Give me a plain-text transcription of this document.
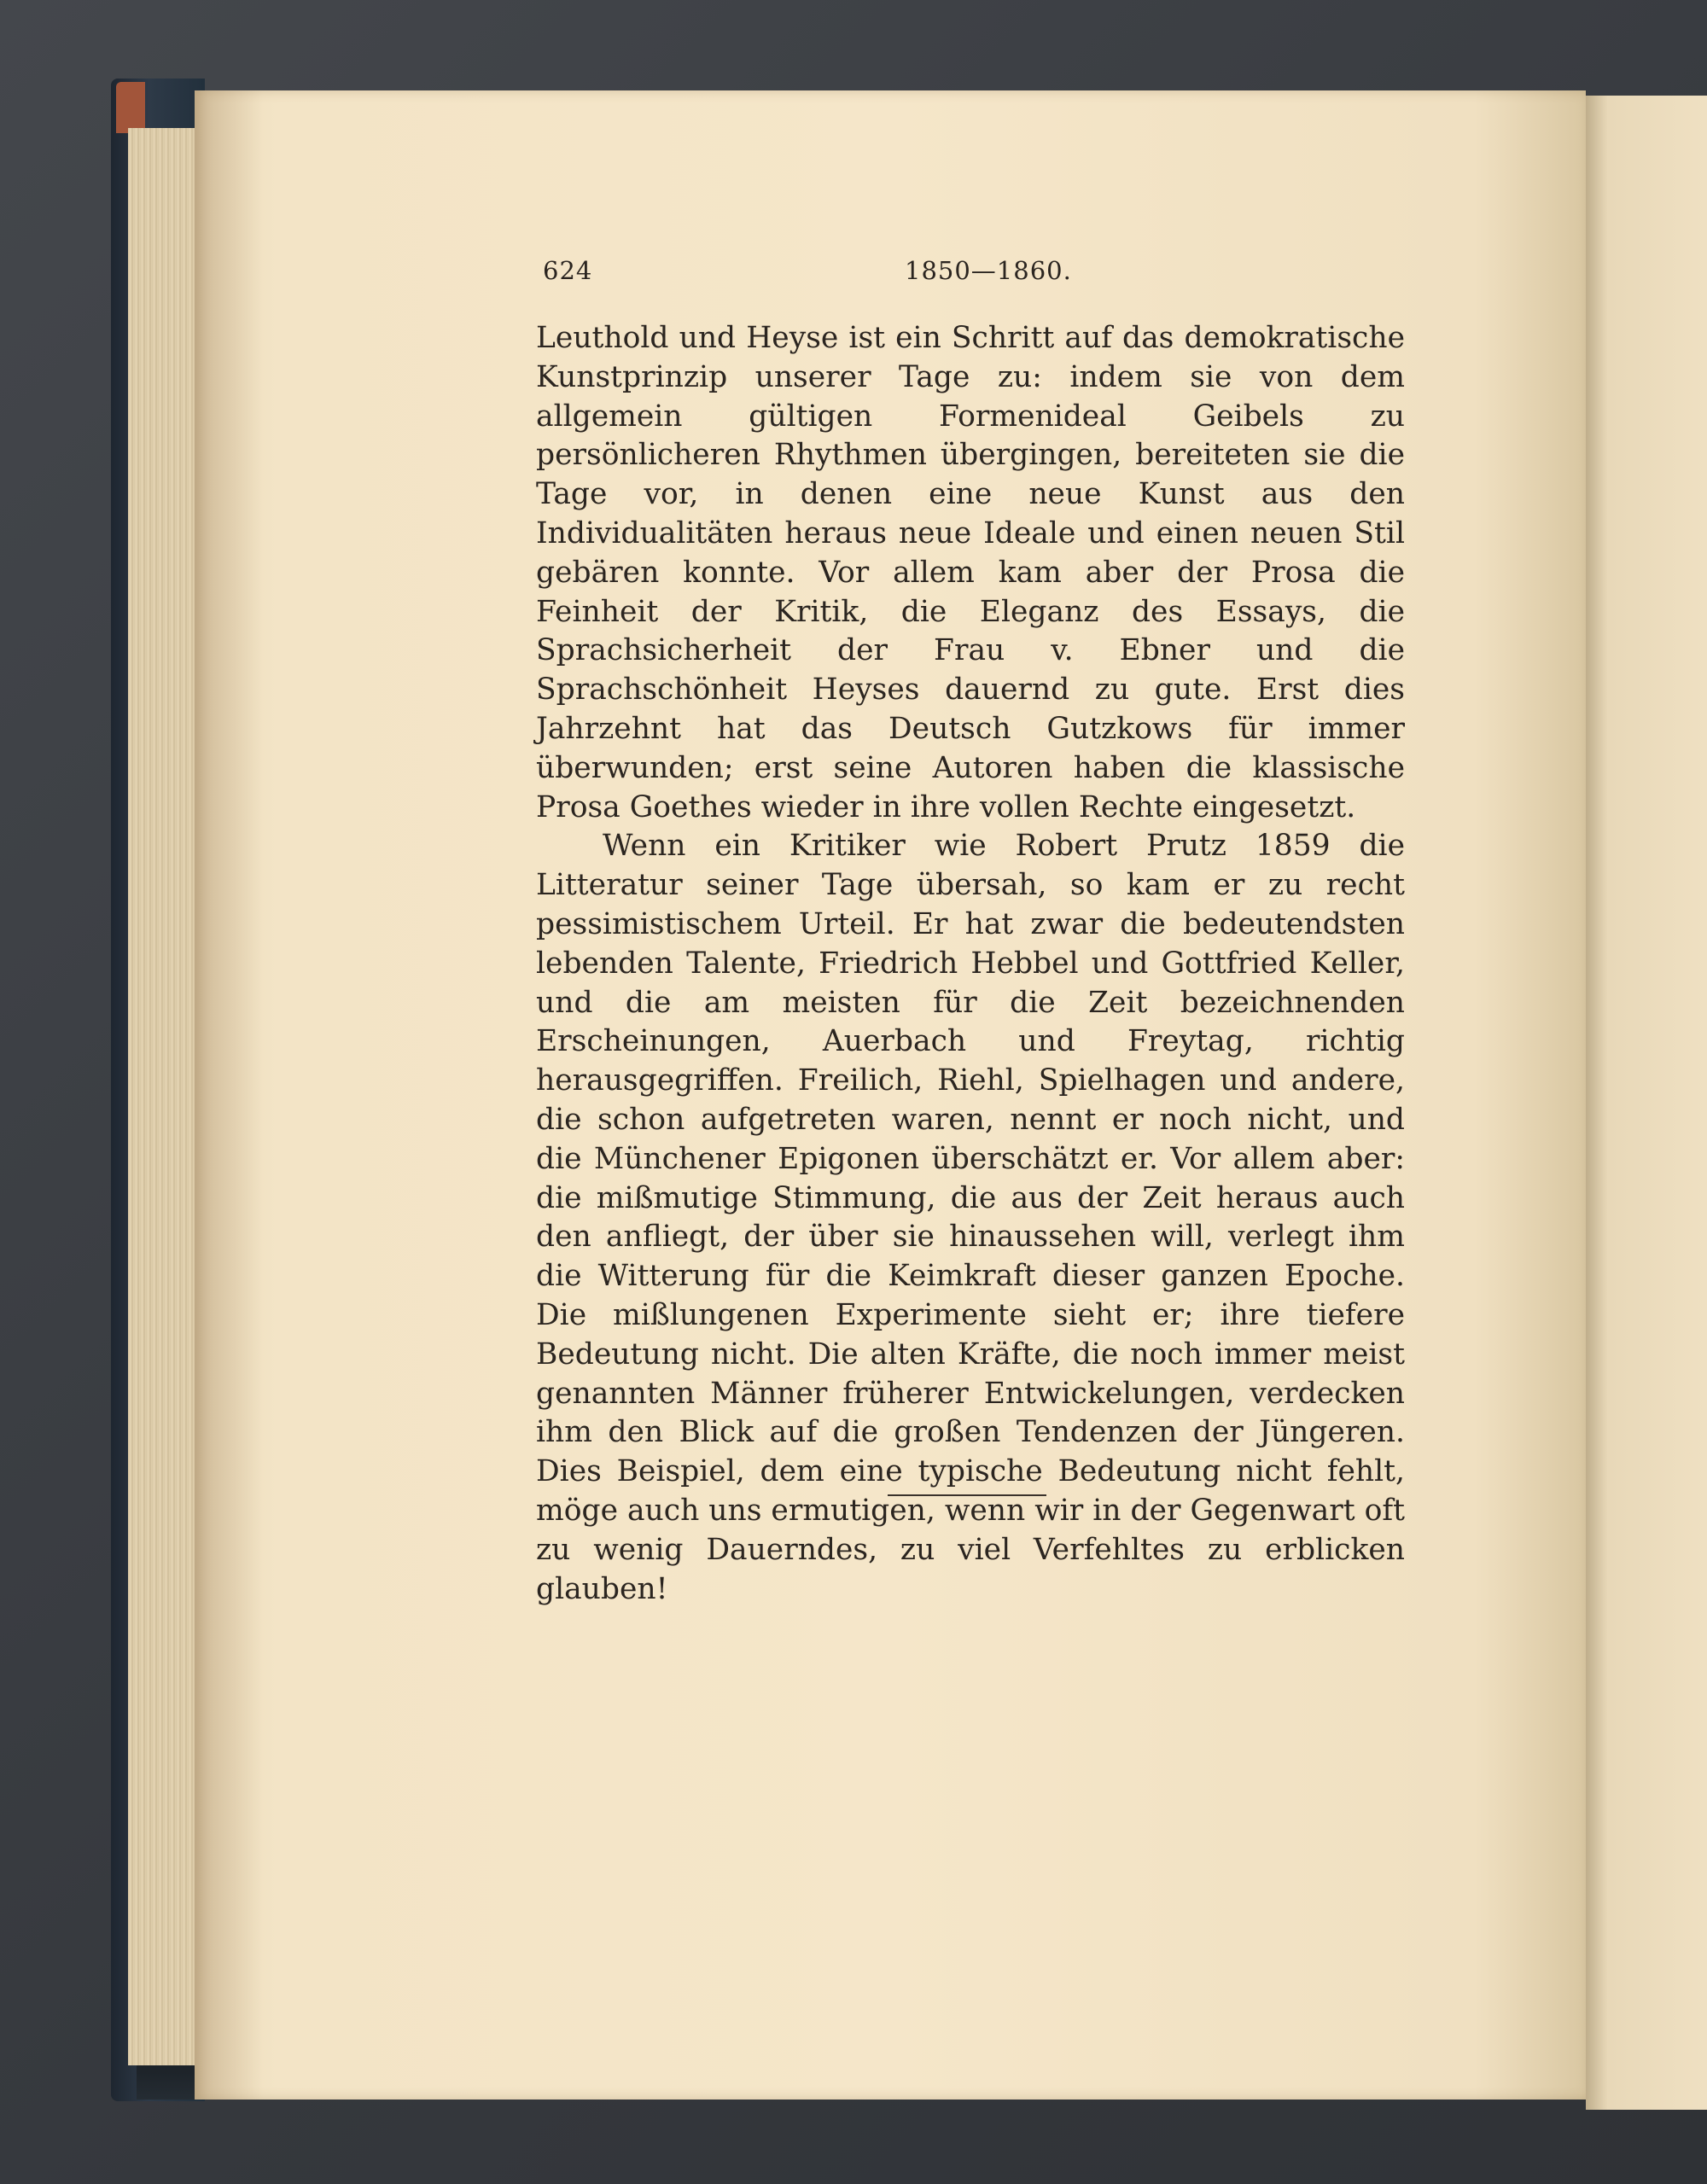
624	1850—1860.

Leuthold und Heyse ist ein Schritt auf das demokratische Kunstprinzip unserer Tage zu: indem sie von dem allgemein gültigen Formenideal Geibels zu persönlicheren Rhythmen übergingen, bereiteten sie die Tage vor, in denen eine neue Kunst aus den Individualitäten heraus neue Ideale und einen neuen Stil gebären konnte. Vor allem kam aber der Prosa die Feinheit der Kritik, die Eleganz des Essays, die Sprachsicherheit der Frau v. Ebner und die Sprachschönheit Heyses dauernd zu gute. Erst dies Jahrzehnt hat das Deutsch Gutzkows für immer überwunden; erst seine Autoren haben die klassische Prosa Goethes wieder in ihre vollen Rechte eingesetzt.

Wenn ein Kritiker wie Robert Prutz 1859 die Litteratur seiner Tage übersah, so kam er zu recht pessimistischem Urteil. Er hat zwar die bedeutendsten lebenden Talente, Friedrich Hebbel und Gottfried Keller, und die am meisten für die Zeit bezeichnenden Erscheinungen, Auerbach und Freytag, richtig herausgegriffen. Freilich, Riehl, Spielhagen und andere, die schon aufgetreten waren, nennt er noch nicht, und die Münchener Epigonen überschätzt er. Vor allem aber: die mißmutige Stimmung, die aus der Zeit heraus auch den anfliegt, der über sie hinaussehen will, verlegt ihm die Witterung für die Keimkraft dieser ganzen Epoche. Die mißlungenen Experimente sieht er; ihre tiefere Bedeutung nicht. Die alten Kräfte, die noch immer meist genannten Männer früherer Entwickelungen, verdecken ihm den Blick auf die großen Tendenzen der Jüngeren. Dies Beispiel, dem eine typische Bedeutung nicht fehlt, möge auch uns ermutigen, wenn wir in der Gegenwart oft zu wenig Dauerndes, zu viel Verfehltes zu erblicken glauben!
